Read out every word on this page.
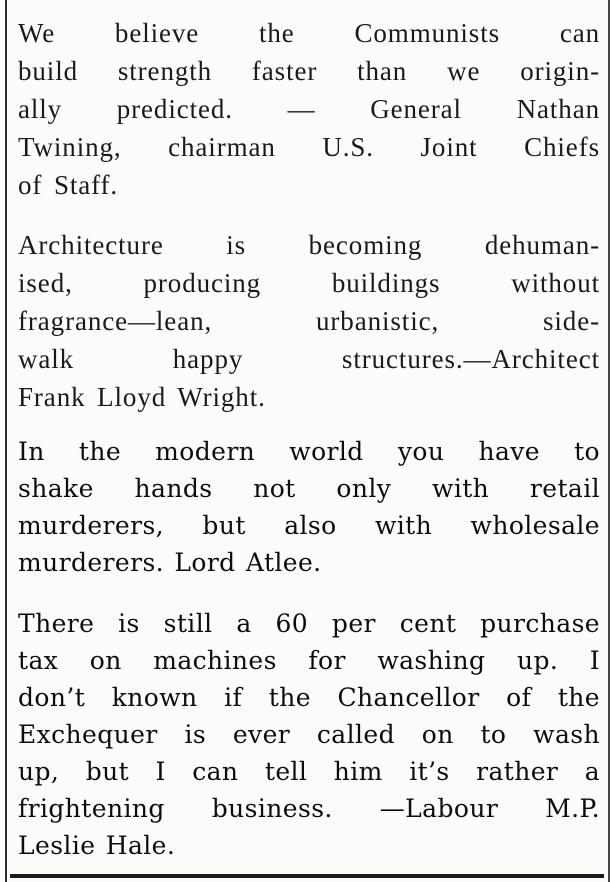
We believe the Communists can
build strength faster than we origin-
ally predicted. — General Nathan
Twining, chairman U.S. Joint Chiefs
of Staff.

Architecture is becoming dehuman-
ised, producing buildings without
fragrance—lean, urbanistic, side-
walk happy structures.—Architect
Frank Lloyd Wright.

In the modern world you have to
shake hands not only with retail
murderers, but also with wholesale
murderers. Lord Atlee.

There is still a 60 per cent purchase
tax on machines for washing up. I
don’t known if the Chancellor of the
Exchequer is ever called on to wash
up, but I can tell him it’s rather a
frightening business. —Labour M.P.
Leslie Hale.
